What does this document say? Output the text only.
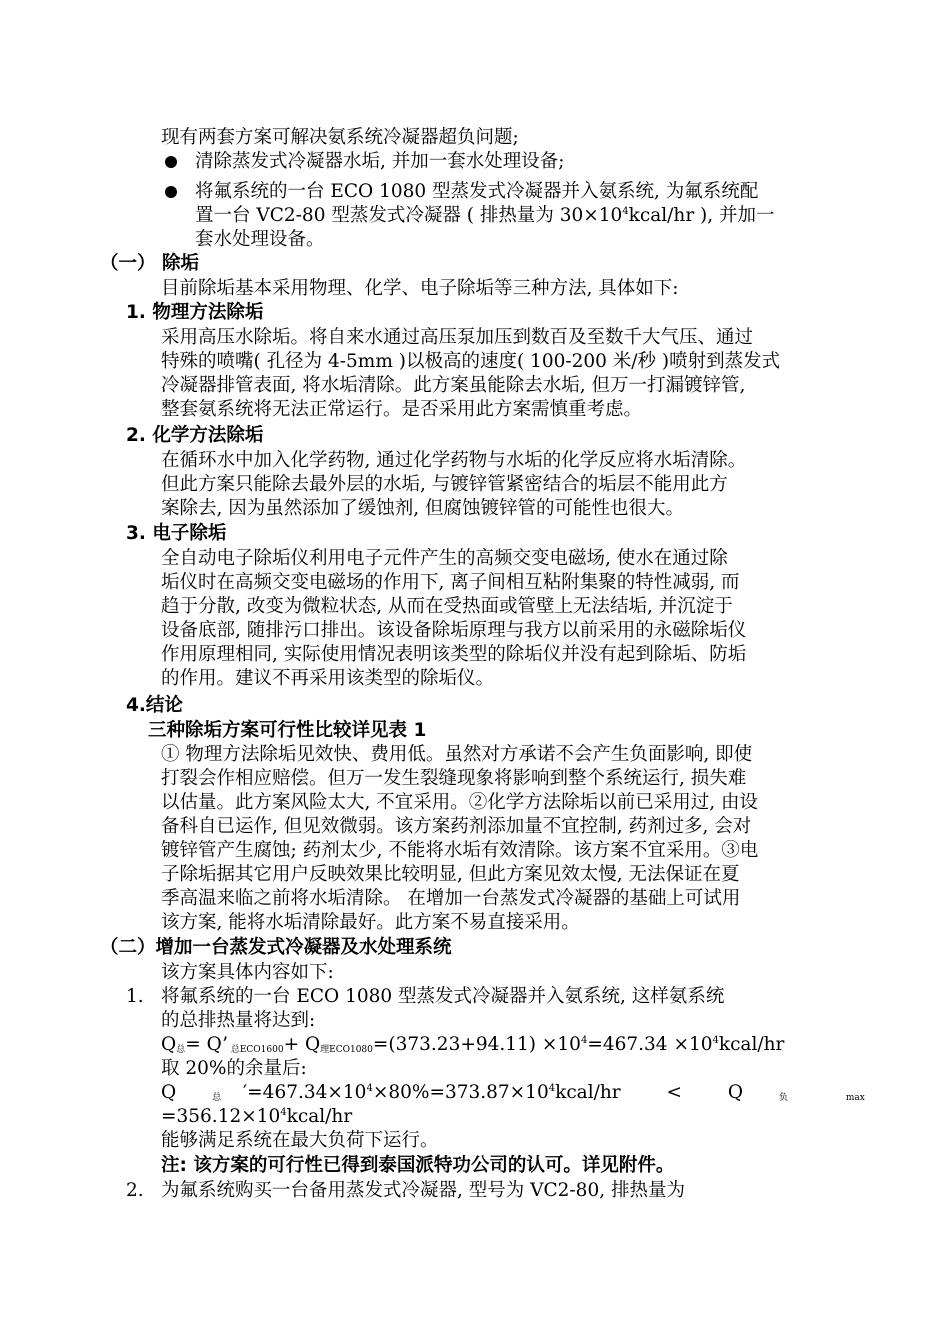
现有两套方案可解决氨系统冷凝器超负问题;
清除蒸发式冷凝器水垢, 并加一套水处理设备;
将氟系统的一台 ECO 1080 型蒸发式冷凝器并入氨系统, 为氟系统配
置一台 VC2-80 型蒸发式冷凝器 ( 排热量为 $30\times 10^4kcal/hr$ ), 并加一
套水处理设备。
（一） 除垢
目前除垢基本采用物理、化学、电子除垢等三种方法, 具体如下:
1. 物理方法除垢
采用高压水除垢。将自来水通过高压泵加压到数百及至数千大气压、通过
特殊的喷嘴( 孔径为 4-5mm )以极高的速度( 100-200 米/秒 )喷射到蒸发式
冷凝器排管表面, 将水垢清除。此方案虽能除去水垢, 但万一打漏镀锌管,
整套氨系统将无法正常运行。是否采用此方案需慎重考虑。
2. 化学方法除垢
在循环水中加入化学药物, 通过化学药物与水垢的化学反应将水垢清除。
但此方案只能除去最外层的水垢, 与镀锌管紧密结合的垢层不能用此方
案除去, 因为虽然添加了缓蚀剂, 但腐蚀镀锌管的可能性也很大。
3. 电子除垢
全自动电子除垢仪利用电子元件产生的高频交变电磁场, 使水在通过除
垢仪时在高频交变电磁场的作用下, 离子间相互粘附集聚的特性减弱, 而
趋于分散, 改变为微粒状态, 从而在受热面或管壁上无法结垢, 并沉淀于
设备底部, 随排污口排出。该设备除垢原理与我方以前采用的永磁除垢仪
作用原理相同, 实际使用情况表明该类型的除垢仪并没有起到除垢、防垢
的作用。建议不再采用该类型的除垢仪。
4.结论
三种除垢方案可行性比较详见表 1
① 物理方法除垢见效快、费用低。虽然对方承诺不会产生负面影响, 即使
打裂会作相应赔偿。但万一发生裂缝现象将影响到整个系统运行, 损失难
以估量。此方案风险太大, 不宜采用。②化学方法除垢以前已采用过, 由设
备科自已运作, 但见效微弱。该方案药剂添加量不宜控制, 药剂过多, 会对
镀锌管产生腐蚀; 药剂太少, 不能将水垢有效清除。该方案不宜采用。③电
子除垢据其它用户反映效果比较明显, 但此方案见效太慢, 无法保证在夏
季高温来临之前将水垢清除。 在增加一台蒸发式冷凝器的基础上可试用
该方案, 能将水垢清除最好。此方案不易直接采用。
（二）增加一台蒸发式冷凝器及水处理系统
该方案具体内容如下:
1. 将氟系统的一台 ECO 1080 型蒸发式冷凝器并入氨系统, 这样氨系统
的总排热量将达到:
$Q_总= Q$’ $_{总ECO1600}+ Q_{理ECO1080}=(373.23+94.11) \times 10^4=467.34$ $\times 10^4kcal/hr$
取 20%的余量后:
Q	$_总$ $'=467.34\times 10^4\times 80\%=373.87\times 10^4kcal/hr < Q$	$_负$	$_{max}$
$=356.12\times 10^4kcal/hr$
能够满足系统在最大负荷下运行。
注: 该方案的可行性已得到泰国派特功公司的认可。详见附件。
2. 为氟系统购买一台备用蒸发式冷凝器, 型号为 VC2-80, 排热量为
